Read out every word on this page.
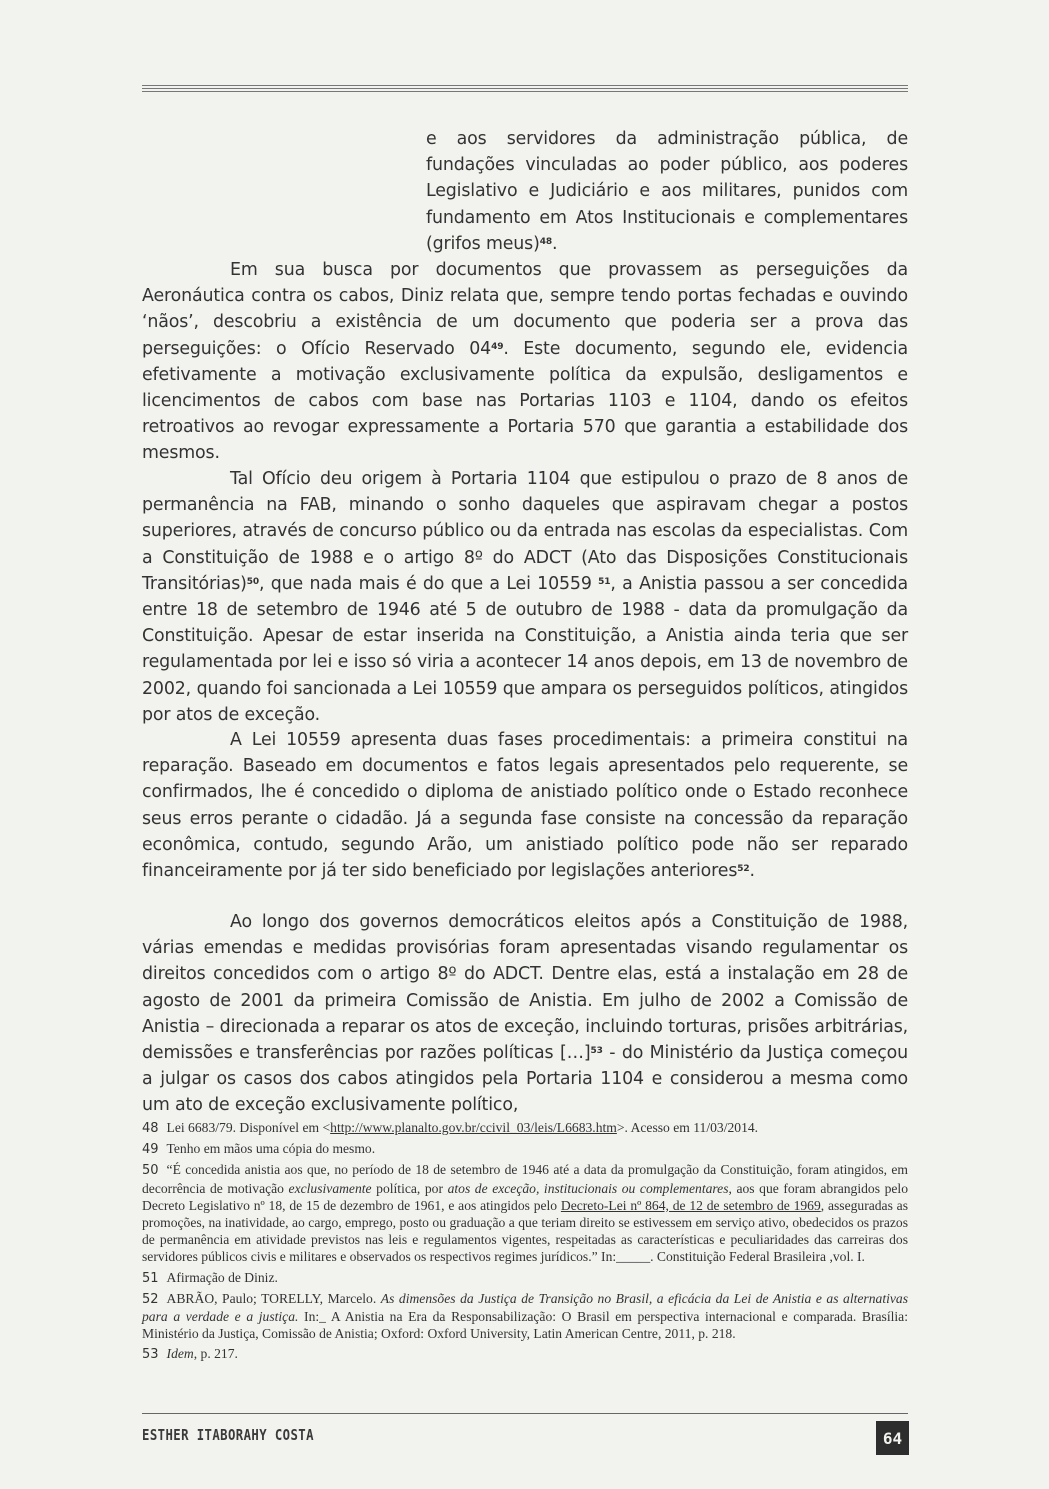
e aos servidores da administração pública, de fundações vinculadas ao poder público, aos poderes Legislativo e Judiciário e aos militares, punidos com fundamento em Atos Institucionais e complementares (grifos meus)$^{48}$.

Em sua busca por documentos que provassem as perseguições da Aeronáutica contra os cabos, Diniz relata que, sempre tendo portas fechadas e ouvindo ‘nãos’, descobriu a existência de um documento que poderia ser a prova das perseguições: o Ofício Reservado $04^{49}$. Este documento, segundo ele, evidencia efetivamente a motivação exclusivamente política da expulsão, desligamentos e licencimentos de cabos com base nas Portarias 1103 e 1104, dando os efeitos retroativos ao revogar expressamente a Portaria 570 que garantia a estabilidade dos mesmos.

Tal Ofício deu origem à Portaria 1104 que estipulou o prazo de 8 anos de permanência na FAB, minando o sonho daqueles que aspiravam chegar a postos superiores, através de concurso público ou da entrada nas escolas da especialistas. Com a Constituição de 1988 e o artigo 8º do ADCT (Ato das Disposições Constitucionais Transitórias)$^{50}$, que nada mais é do que a Lei 10559 $^{51}$, a Anistia passou a ser concedida entre 18 de setembro de 1946 até 5 de outubro de 1988 - data da promulgação da Constituição. Apesar de estar inserida na Constituição, a Anistia ainda teria que ser regulamentada por lei e isso só viria a acontecer 14 anos depois, em 13 de novembro de 2002, quando foi sancionada a Lei 10559 que ampara os perseguidos políticos, atingidos por atos de exceção.

A Lei 10559 apresenta duas fases procedimentais: a primeira constitui na reparação. Baseado em documentos e fatos legais apresentados pelo requerente, se confirmados, lhe é concedido o diploma de anistiado político onde o Estado reconhece seus erros perante o cidadão. Já a segunda fase consiste na concessão da reparação econômica, contudo, segundo Arão, um anistiado político pode não ser reparado financeiramente por já ter sido beneficiado por legislações anteriores$^{52}$.

Ao longo dos governos democráticos eleitos após a Constituição de 1988, várias emendas e medidas provisórias foram apresentadas visando regulamentar os direitos concedidos com o artigo 8º do ADCT. Dentre elas, está a instalação em 28 de agosto de 2001 da primeira Comissão de Anistia. Em julho de 2002 a Comissão de Anistia – direcionada a reparar os atos de exceção, incluindo torturas, prisões arbitrárias, demissões e transferências por razões políticas […]$^{53}$ - do Ministério da Justiça começou a julgar os casos dos cabos atingidos pela Portaria 1104 e considerou a mesma como um ato de exceção exclusivamente político,

48 Lei 6683/79. Disponível em <http://www.planalto.gov.br/ccivil_03/leis/L6683.htm>. Acesso em 11/03/2014.
49 Tenho em mãos uma cópia do mesmo.
50 “É concedida anistia aos que, no período de 18 de setembro de 1946 até a data da promulgação da Constituição, foram atingidos, em decorrência de motivação exclusivamente política, por atos de exceção, institucionais ou complementares, aos que foram abrangidos pelo Decreto Legislativo nº 18, de 15 de dezembro de 1961, e aos atingidos pelo Decreto-Lei nº 864, de 12 de setembro de 1969, asseguradas as promoções, na inatividade, ao cargo, emprego, posto ou graduação a que teriam direito se estivessem em serviço ativo, obedecidos os prazos de permanência em atividade previstos nas leis e regulamentos vigentes, respeitadas as características e peculiaridades das carreiras dos servidores públicos civis e militares e observados os respectivos regimes jurídicos.” In:_____. Constituição Federal Brasileira ,vol. I.
51 Afirmação de Diniz.
52 ABRÃO, Paulo; TORELLY, Marcelo. As dimensões da Justiça de Transição no Brasil, a eficácia da Lei de Anistia e as alternativas para a verdade e a justiça. In:_ A Anistia na Era da Responsabilização: O Brasil em perspectiva internacional e comparada. Brasília: Ministério da Justiça, Comissão de Anistia; Oxford: Oxford University, Latin American Centre, 2011, p. 218.
53 Idem, p. 217.
ESTHER ITABORAHY COSTA	64
